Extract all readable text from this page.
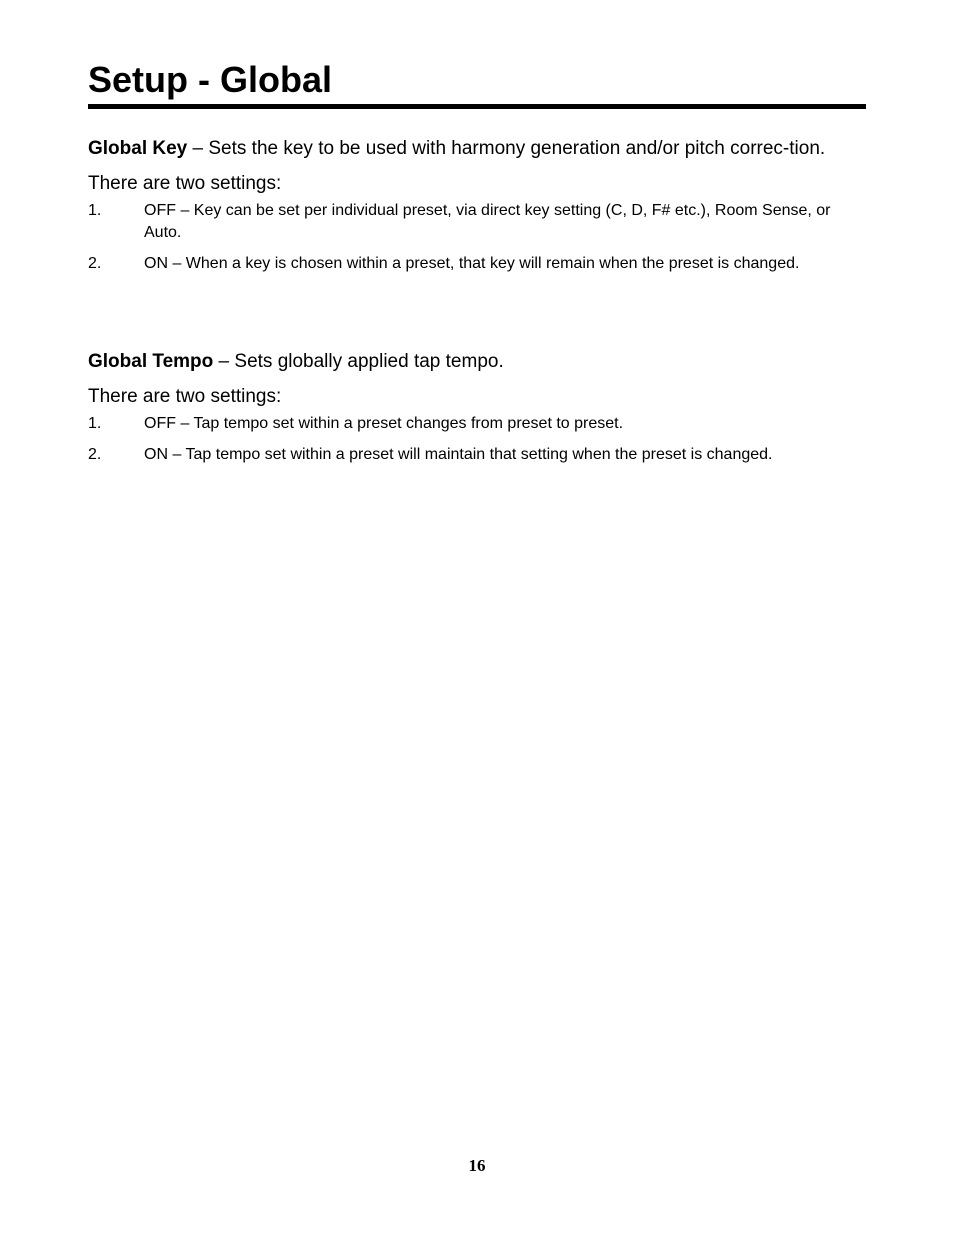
Setup - Global

Global Key – Sets the key to be used with harmony generation and/or pitch correc-tion.

There are two settings:

1.	OFF – Key can be set per individual preset, via direct key setting (C, D, F# etc.), Room Sense, or Auto.
2.	ON – When a key is chosen within a preset, that key will remain when the preset is changed.

Global Tempo – Sets globally applied tap tempo.

There are two settings:

1.	OFF – Tap tempo set within a preset changes from preset to preset.
2.	ON – Tap tempo set within a preset will maintain that setting when the preset is changed.
16
